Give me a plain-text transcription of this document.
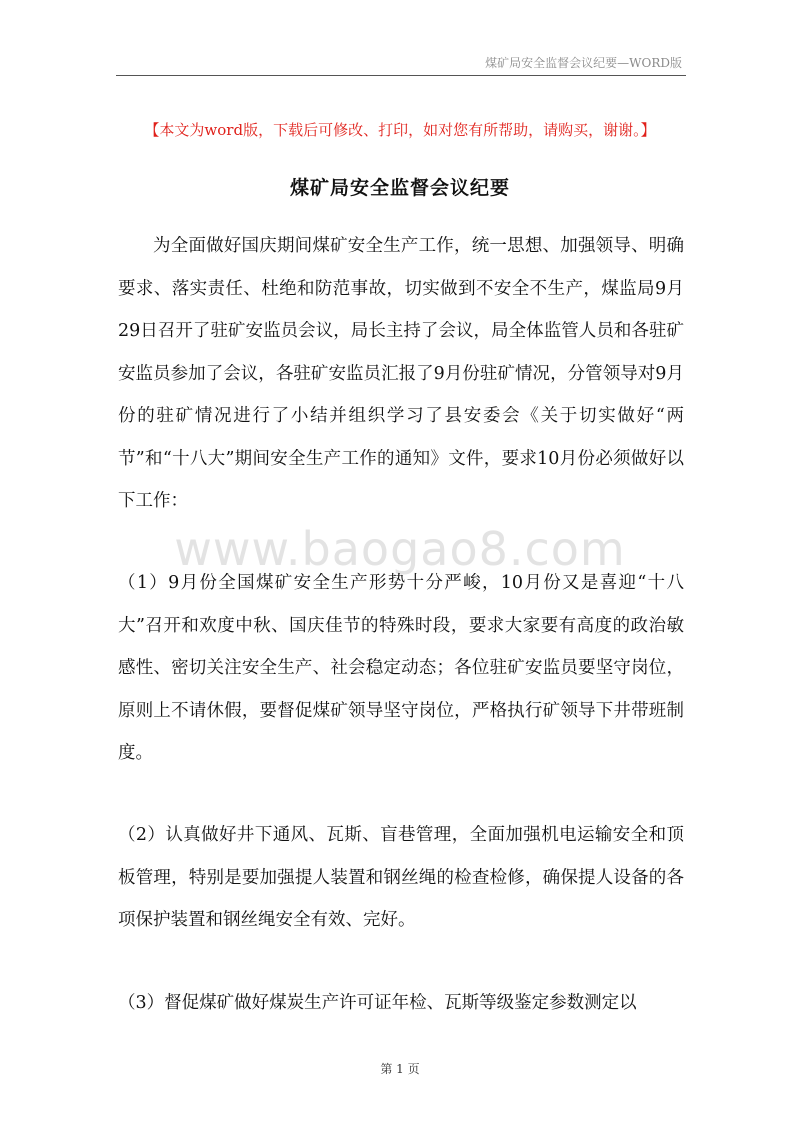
煤矿局安全监督会议纪要—WORD版
【本文为word版，下载后可修改、打印，如对您有所帮助，请购买，谢谢。】
煤矿局安全监督会议纪要

为全面做好国庆期间煤矿安全生产工作，统一思想、加强领导、明确要求、落实责任、杜绝和防范事故，切实做到不安全不生产，煤监局9月29日召开了驻矿安监员会议，局长主持了会议，局全体监管人员和各驻矿安监员参加了会议，各驻矿安监员汇报了9月份驻矿情况，分管领导对9月份的驻矿情况进行了小结并组织学习了县安委会《关于切实做好“两节”和“十八大”期间安全生产工作的通知》文件，要求10月份必须做好以下工作：

www.baogao8.com

（1）9月份全国煤矿安全生产形势十分严峻，10月份又是喜迎“十八大”召开和欢度中秋、国庆佳节的特殊时段，要求大家要有高度的政治敏感性、密切关注安全生产、社会稳定动态；各位驻矿安监员要坚守岗位，原则上不请休假，要督促煤矿领导坚守岗位，严格执行矿领导下井带班制度。

（2）认真做好井下通风、瓦斯、盲巷管理，全面加强机电运输安全和顶板管理，特别是要加强提人装置和钢丝绳的检查检修，确保提人设备的各项保护装置和钢丝绳安全有效、完好。

（3）督促煤矿做好煤炭生产许可证年检、瓦斯等级鉴定参数测定以

第 1 页
